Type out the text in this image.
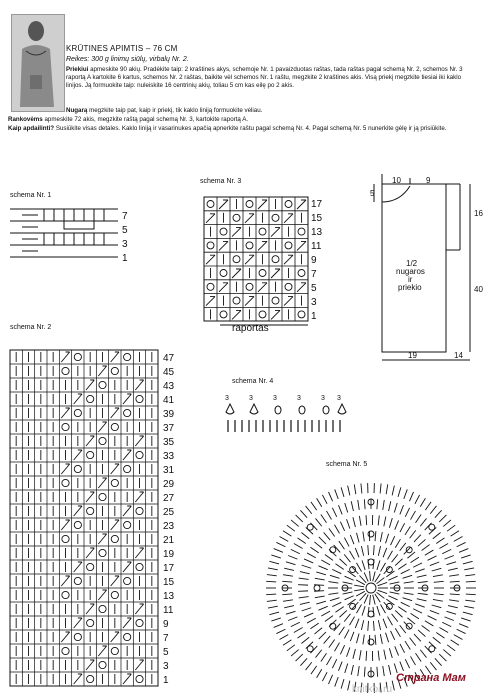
KRŪTINES APIMTIS – 76 CM
Reikes: 300 g linimų siūlų, virbalų Nr. 2.
Priekiui apmeskite 90 akių. Pradėkite taip: 2 kraštines akys, schemoje Nr. 1 pavaizduotas raštas, tada raštas pagal schemą Nr. 2, schemos Nr. 3 raportą A kartokite 6 kartus, schemos Nr. 2 raštas, baikite vėl schemos Nr. 1 raštu, megzkite 2 kraštines akis. Visą priekį megzkite tiesiai iki kaklo linijos. Ją formuokite taip: nuleiskite 16 centrinių akių, toliau 5 cm kas eilę po 2 akis.
Nugarą megzkite taip pat, kaip ir priekį, tik kaklo liniją formuokite vėliau.
Rankovėms apmeskite 72 akis, megzkite raštą pagal schemą Nr. 3, kartokite raportą A.
Kaip apdailinti? Susiūkite visas detales. Kaklo liniją ir vasarinukes apačią apnerkite raštu pagal schemą Nr. 4. Pagal schemą Nr. 5 nunerkite gėlę ir ją prisiūkite.
schema Nr. 1
7
5
3
1
schema Nr. 3
17
15
13
11
9
7
5
3
1
raportas
10	9
5
16
40
19	14
1/2
nugaros
ir
priekio
schema Nr. 2
47
45
43
41
39
37
35
33
31
29
27
25
23
21
19
17
15
13
11
9
7
5
3
1
schema Nr. 4
3	3	3	3	3 3
schema Nr. 5
knitkoi.ru
Страна Мам
